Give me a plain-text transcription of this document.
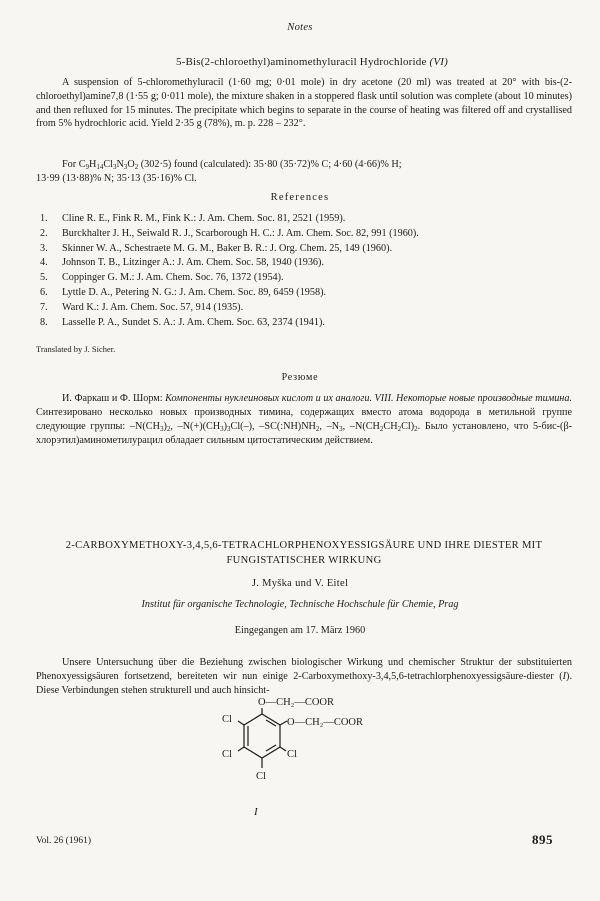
Notes
5-Bis(2-chloroethyl)aminomethyluracil Hydrochloride (VI)
A suspension of 5-chloromethyluracil (1·60 mg; 0·01 mole) in dry acetone (20 ml) was treated at 20° with bis-(2-chloroethyl)amine7,8 (1·55 g; 0·011 mole), the mixture shaken in a stoppered flask until solution was complete (about 10 minutes) and then refluxed for 15 minutes. The precipitate which begins to separate in the course of heating was filtered off and crystallised from 5% hydrochloric acid. Yield 2·35 g (78%), m. p. 228 – 232°.
For $C_9H_{14}Cl_3N_3O_2$ (302·5) found (calculated): 35·80 (35·72)% C; 4·60 (4·66)% H;
13·99 (13·88)% N; 35·13 (35·16)% Cl.
References
1.	Cline R. E., Fink R. M., Fink K.: J. Am. Chem. Soc. 81, 2521 (1959).
2.	Burckhalter J. H., Seiwald R. J., Scarborough H. C.: J. Am. Chem. Soc. 82, 991 (1960).
3.	Skinner W. A., Schestraete M. G. M., Baker B. R.: J. Org. Chem. 25, 149 (1960).
4.	Johnson T. B., Litzinger A.: J. Am. Chem. Soc. 58, 1940 (1936).
5.	Coppinger G. M.: J. Am. Chem. Soc. 76, 1372 (1954).
6.	Lyttle D. A., Petering N. G.: J. Am. Chem. Soc. 89, 6459 (1958).
7.	Ward K.: J. Am. Chem. Soc. 57, 914 (1935).
8.	Lasselle P. A., Sundet S. A.: J. Am. Chem. Soc. 63, 2374 (1941).
Translated by J. Sicher.
Резюме
И. Фаркаш и Ф. Шорм: Компоненты нуклеиновых кислот и их аналоги. VIII. Некоторые новые производные тимина. Синтезировано несколько новых производных тимина, содержащих вместо атома водорода в метильной группе следующие группы: $-N(CH_3)_2$, $-N(+)(CH_3)_3Cl(-)$, $-SC(:NH)NH_2$, $-N_3$, $-N(CH_2CH_2Cl)_2$. Было установлено, что 5-бис-(β-хлорэтил)аминометилурацил обладает сильным цитостатическим действием.
2-CARBOXYMETHOXY-3,4,5,6-TETRACHLORPHENOXYESSIGSÄURE UND IHRE DIESTER MIT FUNGISTATISCHER WIRKUNG
J. Myška und V. Eitel
Institut für organische Technologie, Technische Hochschule für Chemie, Prag
Eingegangen am 17. März 1960
Unsere Untersuchung über die Beziehung zwischen biologischer Wirkung und chemischer Struktur der substituierten Phenoxyessigsäuren fortsetzend, bereiteten wir nun einige 2-Carboxymethoxy-3,4,5,6-tetrachlorphenoxyessigsäure-diester (I). Diese Verbindungen stehen strukturell und auch hinsicht-
O—CH₂—COOR
O—CH₂—COOR
Cl
Cl	Cl
Cl
I
Vol. 26 (1961)	895
